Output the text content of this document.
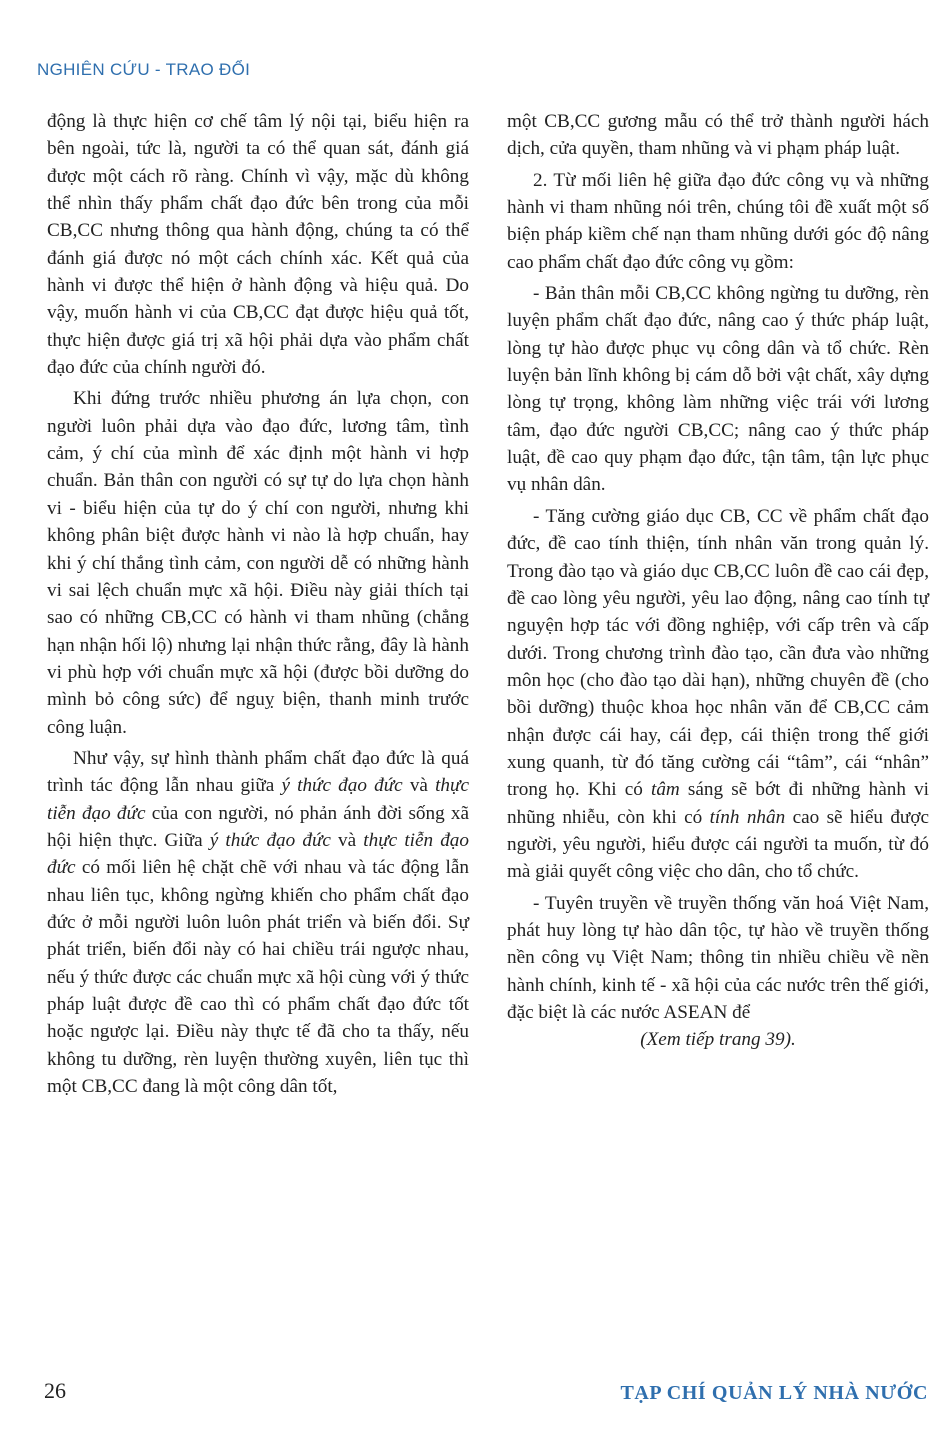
NGHIÊN CỨU - TRAO ĐỔI

động là thực hiện cơ chế tâm lý nội tại, biểu hiện ra bên ngoài, tức là, người ta có thể quan sát, đánh giá được một cách rõ ràng. Chính vì vậy, mặc dù không thể nhìn thấy phẩm chất đạo đức bên trong của mỗi CB,CC nhưng thông qua hành động, chúng ta có thể đánh giá được nó một cách chính xác. Kết quả của hành vi được thể hiện ở hành động và hiệu quả. Do vậy, muốn hành vi của CB,CC đạt được hiệu quả tốt, thực hiện được giá trị xã hội phải dựa vào phẩm chất đạo đức của chính người đó.

Khi đứng trước nhiều phương án lựa chọn, con người luôn phải dựa vào đạo đức, lương tâm, tình cảm, ý chí của mình để xác định một hành vi hợp chuẩn. Bản thân con người có sự tự do lựa chọn hành vi - biểu hiện của tự do ý chí con người, nhưng khi không phân biệt được hành vi nào là hợp chuẩn, hay khi ý chí thắng tình cảm, con người dễ có những hành vi sai lệch chuẩn mực xã hội. Điều này giải thích tại sao có những CB,CC có hành vi tham nhũng (chẳng hạn nhận hối lộ) nhưng lại nhận thức rằng, đây là hành vi phù hợp với chuẩn mực xã hội (được bồi dưỡng do mình bỏ công sức) để nguỵ biện, thanh minh trước công luận.

Như vậy, sự hình thành phẩm chất đạo đức là quá trình tác động lẫn nhau giữa ý thức đạo đức và thực tiễn đạo đức của con người, nó phản ánh đời sống xã hội hiện thực. Giữa ý thức đạo đức và thực tiễn đạo đức có mối liên hệ chặt chẽ với nhau và tác động lẫn nhau liên tục, không ngừng khiến cho phẩm chất đạo đức ở mỗi người luôn luôn phát triển và biến đổi. Sự phát triển, biến đổi này có hai chiều trái ngược nhau, nếu ý thức được các chuẩn mực xã hội cùng với ý thức pháp luật được đề cao thì có phẩm chất đạo đức tốt hoặc ngược lại. Điều này thực tế đã cho ta thấy, nếu không tu dưỡng, rèn luyện thường xuyên, liên tục thì một CB,CC đang là một công dân tốt,

một CB,CC gương mẫu có thể trở thành người hách dịch, cửa quyền, tham nhũng và vi phạm pháp luật.

2. Từ mối liên hệ giữa đạo đức công vụ và những hành vi tham nhũng nói trên, chúng tôi đề xuất một số biện pháp kiềm chế nạn tham nhũng dưới góc độ nâng cao phẩm chất đạo đức công vụ gồm:

- Bản thân mỗi CB,CC không ngừng tu dưỡng, rèn luyện phẩm chất đạo đức, nâng cao ý thức pháp luật, lòng tự hào được phục vụ công dân và tổ chức. Rèn luyện bản lĩnh không bị cám dỗ bởi vật chất, xây dựng lòng tự trọng, không làm những việc trái với lương tâm, đạo đức người CB,CC; nâng cao ý thức pháp luật, đề cao quy phạm đạo đức, tận tâm, tận lực phục vụ nhân dân.

- Tăng cường giáo dục CB, CC về phẩm chất đạo đức, đề cao tính thiện, tính nhân văn trong quản lý. Trong đào tạo và giáo dục CB,CC luôn đề cao cái đẹp, đề cao lòng yêu người, yêu lao động, nâng cao tính tự nguyện hợp tác với đồng nghiệp, với cấp trên và cấp dưới. Trong chương trình đào tạo, cần đưa vào những môn học (cho đào tạo dài hạn), những chuyên đề (cho bồi dưỡng) thuộc khoa học nhân văn để CB,CC cảm nhận được cái hay, cái đẹp, cái thiện trong thế giới xung quanh, từ đó tăng cường cái “tâm”, cái “nhân” trong họ. Khi có tâm sáng sẽ bớt đi những hành vi nhũng nhiễu, còn khi có tính nhân cao sẽ hiểu được người, yêu người, hiểu được cái người ta muốn, từ đó mà giải quyết công việc cho dân, cho tổ chức.

- Tuyên truyền về truyền thống văn hoá Việt Nam, phát huy lòng tự hào dân tộc, tự hào về truyền thống nền công vụ Việt Nam; thông tin nhiều chiều về nền hành chính, kinh tế - xã hội của các nước trên thế giới, đặc biệt là các nước ASEAN để

(Xem tiếp trang 39).

26	TẠP CHÍ QUẢN LÝ NHÀ NƯỚC
